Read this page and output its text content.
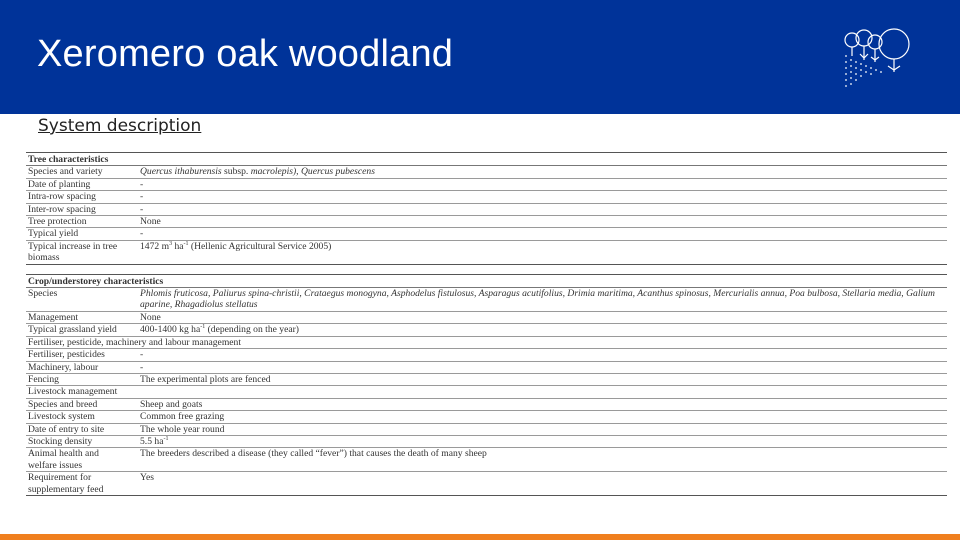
Xeromero oak woodland
System description
Tree characteristics	
Species and variety	Quercus ithaburensis subsp. macrolepis), Quercus pubescens
Date of planting	-
Intra-row spacing	-
Inter-row spacing	-
Tree protection	None
Typical yield	-
Typical increase in tree
biomass	1472 $m^3$ $ha^{-1}$ (Hellenic Agricultural Service 2005)

Crop/understorey characteristics	
Species	Phlomis fruticosa, Paliurus spina-christii, Crataegus monogyna, Asphodelus fistulosus, Asparagus acutifolius, Drimia maritima, Acanthus spinosus, Mercurialis annua, Poa bulbosa, Stellaria media, Galium aparine, Rhagadiolus stellatus
Management	None
Typical grassland yield	400-1400 kg $ha^{-1}$ (depending on the year)
Fertiliser, pesticide, machinery and labour management	
Fertiliser, pesticides	-
Machinery, labour	-
Fencing	The experimental plots are fenced
Livestock management	
Species and breed	Sheep and goats
Livestock system	Common free grazing
Date of entry to site	The whole year round
Stocking density	5.5 $ha^{-1}$
Animal health and
welfare issues	The breeders described a disease (they called “fever”) that causes the death of many sheep
Requirement for
supplementary feed	Yes
